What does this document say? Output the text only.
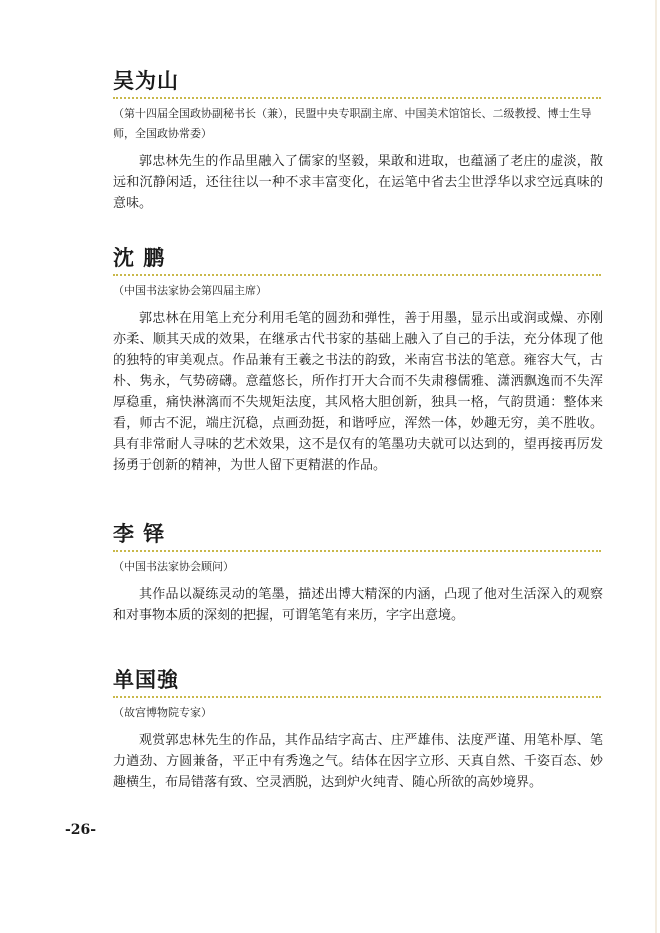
吴为山

（第十四届全国政协副秘书长（兼），民盟中央专职副主席、中国美术馆馆长、二级教授、博士生导师，全国政协常委）

郭忠林先生的作品里融入了儒家的坚毅，果敢和进取，也蕴涵了老庄的虚淡，散远和沉静闲适，还往往以一种不求丰富变化，在运笔中省去尘世浮华以求空远真味的意味。

沈 鹏

（中国书法家协会第四届主席）

郭忠林在用笔上充分利用毛笔的圆劲和弹性，善于用墨，显示出或润或燥、亦刚亦柔、顺其天成的效果，在继承古代书家的基础上融入了自己的手法，充分体现了他的独特的审美观点。作品兼有王羲之书法的韵致，米南宫书法的笔意。雍容大气，古朴、隽永，气势磅礴。意蕴悠长，所作打开大合而不失肃穆儒雅、潇洒飘逸而不失浑厚稳重，痛快淋漓而不失规矩法度，其风格大胆创新，独具一格，气韵贯通：整体来看，师古不泥，端庄沉稳，点画劲挺，和谐呼应，浑然一体，妙趣无穷，美不胜收。具有非常耐人寻味的艺术效果，这不是仅有的笔墨功夫就可以达到的，望再接再厉发扬勇于创新的精神，为世人留下更精湛的作品。

李 铎

（中国书法家协会顾问）

其作品以凝练灵动的笔墨，描述出博大精深的内涵，凸现了他对生活深入的观察和对事物本质的深刻的把握，可谓笔笔有来历，字字出意境。

单国強

（故宫博物院专家）

观赏郭忠林先生的作品，其作品结字高古、庄严雄伟、法度严谨、用笔朴厚、笔力遒劲、方圆兼备，平正中有秀逸之气。结体在因字立形、天真自然、千姿百态、妙趣横生，布局错落有致、空灵洒脱，达到炉火纯青、随心所欲的高妙境界。

-26-
